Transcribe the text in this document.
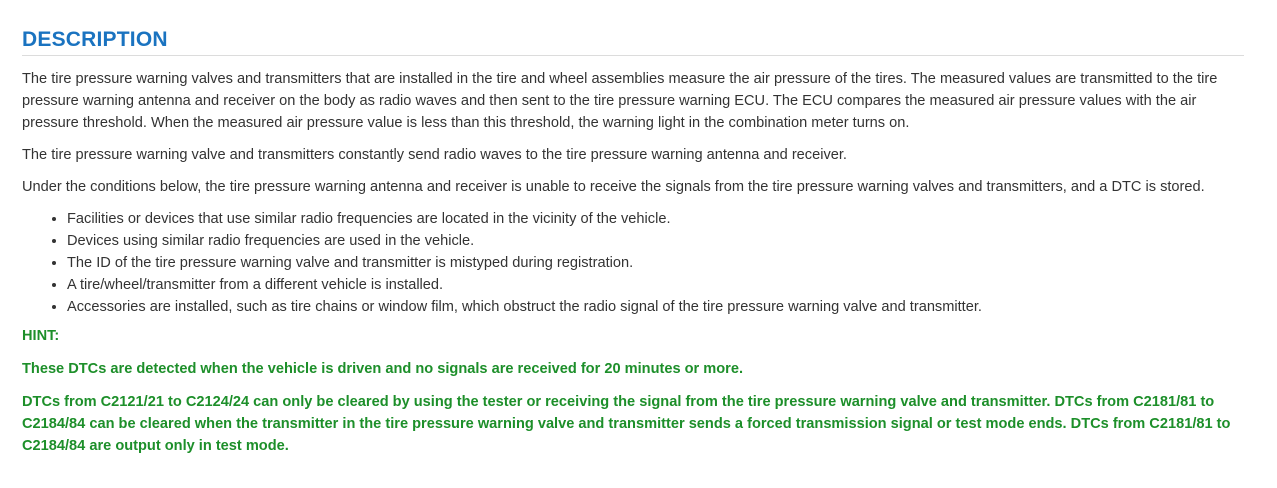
DESCRIPTION

The tire pressure warning valves and transmitters that are installed in the tire and wheel assemblies measure the air pressure of the tires. The measured values are transmitted to the tire pressure warning antenna and receiver on the body as radio waves and then sent to the tire pressure warning ECU. The ECU compares the measured air pressure values with the air pressure threshold. When the measured air pressure value is less than this threshold, the warning light in the combination meter turns on.

The tire pressure warning valve and transmitters constantly send radio waves to the tire pressure warning antenna and receiver.

Under the conditions below, the tire pressure warning antenna and receiver is unable to receive the signals from the tire pressure warning valves and transmitters, and a DTC is stored.

• Facilities or devices that use similar radio frequencies are located in the vicinity of the vehicle.
• Devices using similar radio frequencies are used in the vehicle.
• The ID of the tire pressure warning valve and transmitter is mistyped during registration.
• A tire/wheel/transmitter from a different vehicle is installed.
• Accessories are installed, such as tire chains or window film, which obstruct the radio signal of the tire pressure warning valve and transmitter.
HINT:
These DTCs are detected when the vehicle is driven and no signals are received for 20 minutes or more.
DTCs from C2121/21 to C2124/24 can only be cleared by using the tester or receiving the signal from the tire pressure warning valve and transmitter. DTCs from C2181/81 to C2184/84 can be cleared when the transmitter in the tire pressure warning valve and transmitter sends a forced transmission signal or test mode ends. DTCs from C2181/81 to C2184/84 are output only in test mode.
